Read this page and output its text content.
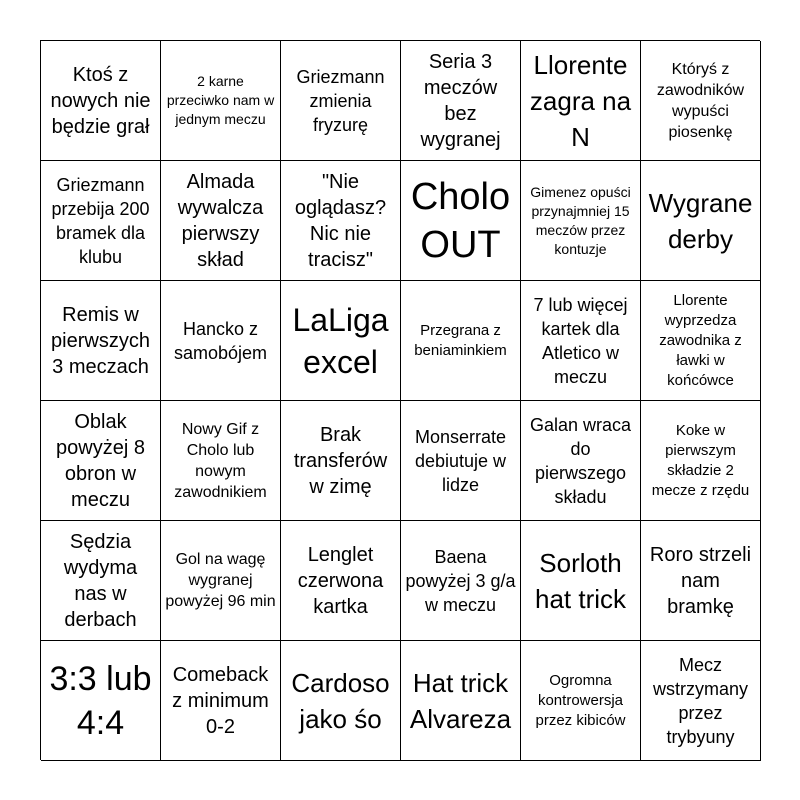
Ktoś z nowych nie będzie grał
2 karne przeciwko nam w jednym meczu
Griezmann zmienia fryzurę
Seria 3 meczów bez wygranej
Llorente zagra na N
Któryś z zawodników wypuści piosenkę
Griezmann przebija 200 bramek dla klubu
Almada wywalcza pierwszy skład
"Nie oglądasz? Nic nie tracisz"
Cholo OUT
Gimenez opuści przynajmniej 15 meczów przez kontuzje
Wygrane derby
Remis w pierwszych 3 meczach
Hancko z samobójem
LaLiga excel
Przegrana z beniaminkiem
7 lub więcej kartek dla Atletico w meczu
Llorente wyprzedza zawodnika z ławki w końcówce
Oblak powyżej 8 obron w meczu
Nowy Gif z Cholo lub nowym zawodnikiem
Brak transferów w zimę
Monserrate debiutuje w lidze
Galan wraca do pierwszego składu
Koke w pierwszym składzie 2 mecze z rzędu
Sędzia wydyma nas w derbach
Gol na wagę wygranej powyżej 96 min
Lenglet czerwona kartka
Baena powyżej 3 g/a w meczu
Sorloth hat trick
Roro strzeli nam bramkę
3:3 lub 4:4
Comeback z minimum 0-2
Cardoso jako śo
Hat trick Alvareza
Ogromna kontrowersja przez kibiców
Mecz wstrzymany przez trybyuny
